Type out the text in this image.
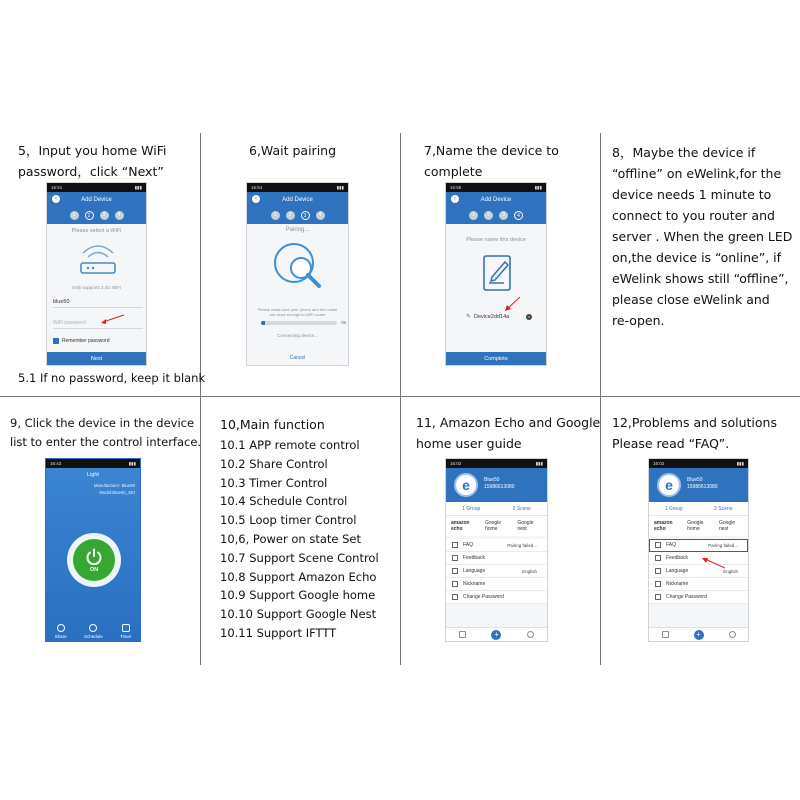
5，Input you home WiFi
password，click “Next”
5.1 If no password, keep it blank
6,Wait pairing	7,Name the device to
complete
8，Maybe the device if
“offline” on eWelink,for the
device needs 1 minute to
connect to you router and
server . When the green LED
on,the device is “online”, if
eWelink shows still “offline”,
please close eWelink and
re-open.
9, Click the device in the device
list to enter the control interface.
10,Main function
10.1 APP remote control
10.2 Share Control
10.3 Timer Control
10.4 Schedule Control
10.5 Loop timer Control
10,6, Power on state Set
10.7 Support Scene Control
10.8 Support Amazon Echo
10.9 Support Google home
10.10 Support Google Nest
10.11 Support IFTTT
11, Amazon Echo and Google
home user guide
12,Problems and solutions
Please read “FAQ”.
16:51	▮▮▮
‹	Add Device
1	2	3	4
Please select a WiFi
Only supports 2.4G WiFi
blue50
WiFi password
Remember password
Next
16:54	▮▮▮
‹	Add Device
1	2	3	4
Pairing...
Please make sure your phone and the model
are close enough to WiFi router
0s
Connecting device...
Cancel
16:55	▮▮▮
‹	Add Device
1	2	3	4
Please name this device
✎ Device2dd14a	×
Complete
16:43	▮▮▮
Light
Manufacturer: Blue50
Model:Blue50_SKI
ON
Share	Schedule	Timer
16:02	▮▮▮
e	Blue50
15986613080
1 Group	2 Scene
amazon echo
Google home
Google nest
FAQ	Pairing failed...
Feedback
Language	English
Nickname
Change Password
+
16:02	▮▮▮
e	Blue50
15986613080
1 Group	2 Scene
amazon echo
Google home
Google nest
FAQ	Pairing failed...
Feedback
Language	English
Nickname
Change Password
+
